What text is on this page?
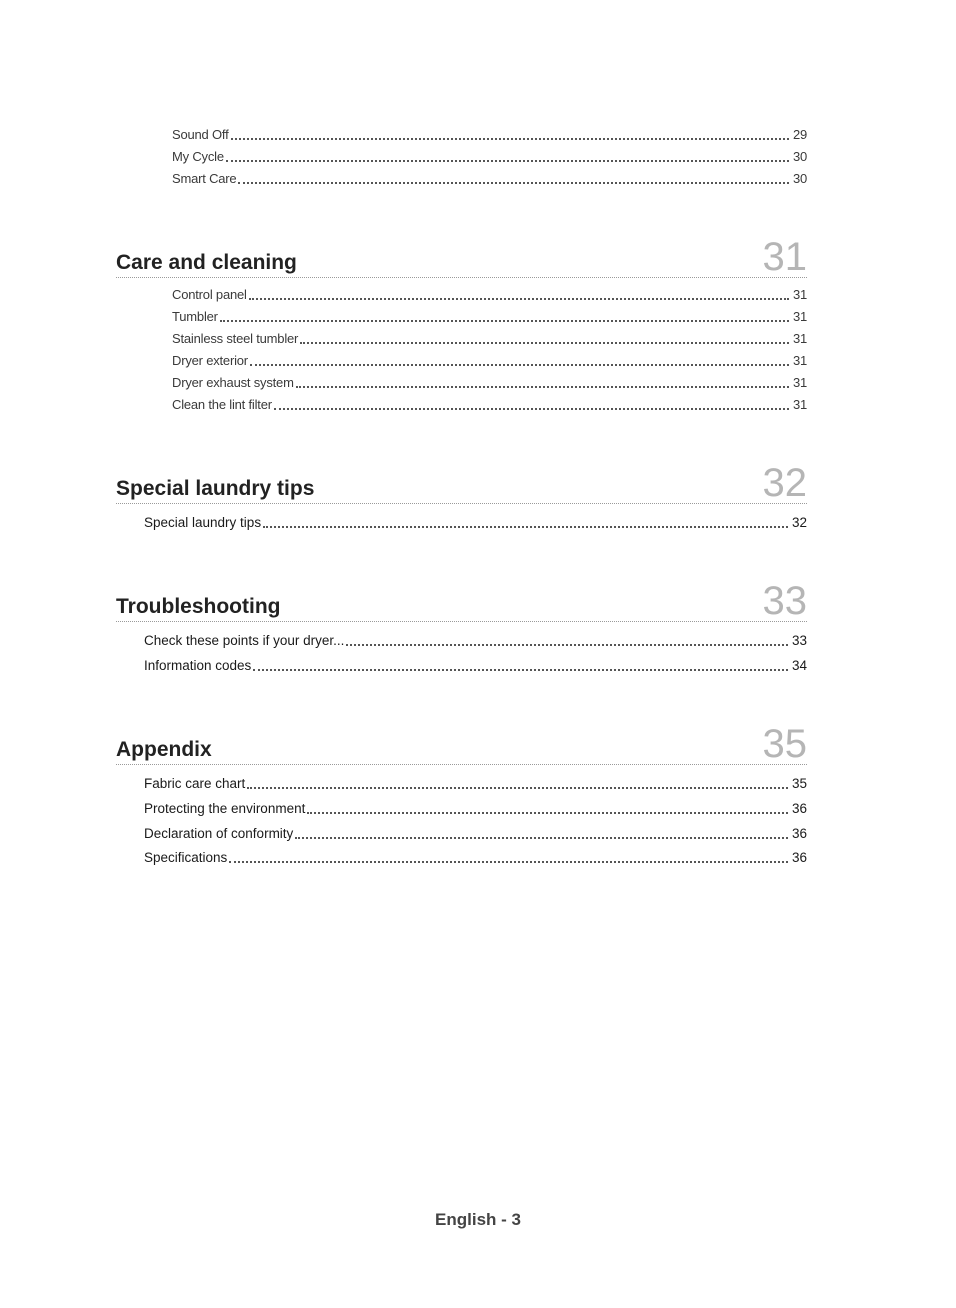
Sound Off	29
My Cycle	30
Smart Care	30
Care and cleaning	31
Control panel	31
Tumbler	31
Stainless steel tumbler	31
Dryer exterior	31
Dryer exhaust system	31
Clean the lint filter	31
Special laundry tips	32
Special laundry tips	32
Troubleshooting	33
Check these points if your dryer...	33
Information codes	34
Appendix	35
Fabric care chart	35
Protecting the environment	36
Declaration of conformity	36
Specifications	36
English - 3
